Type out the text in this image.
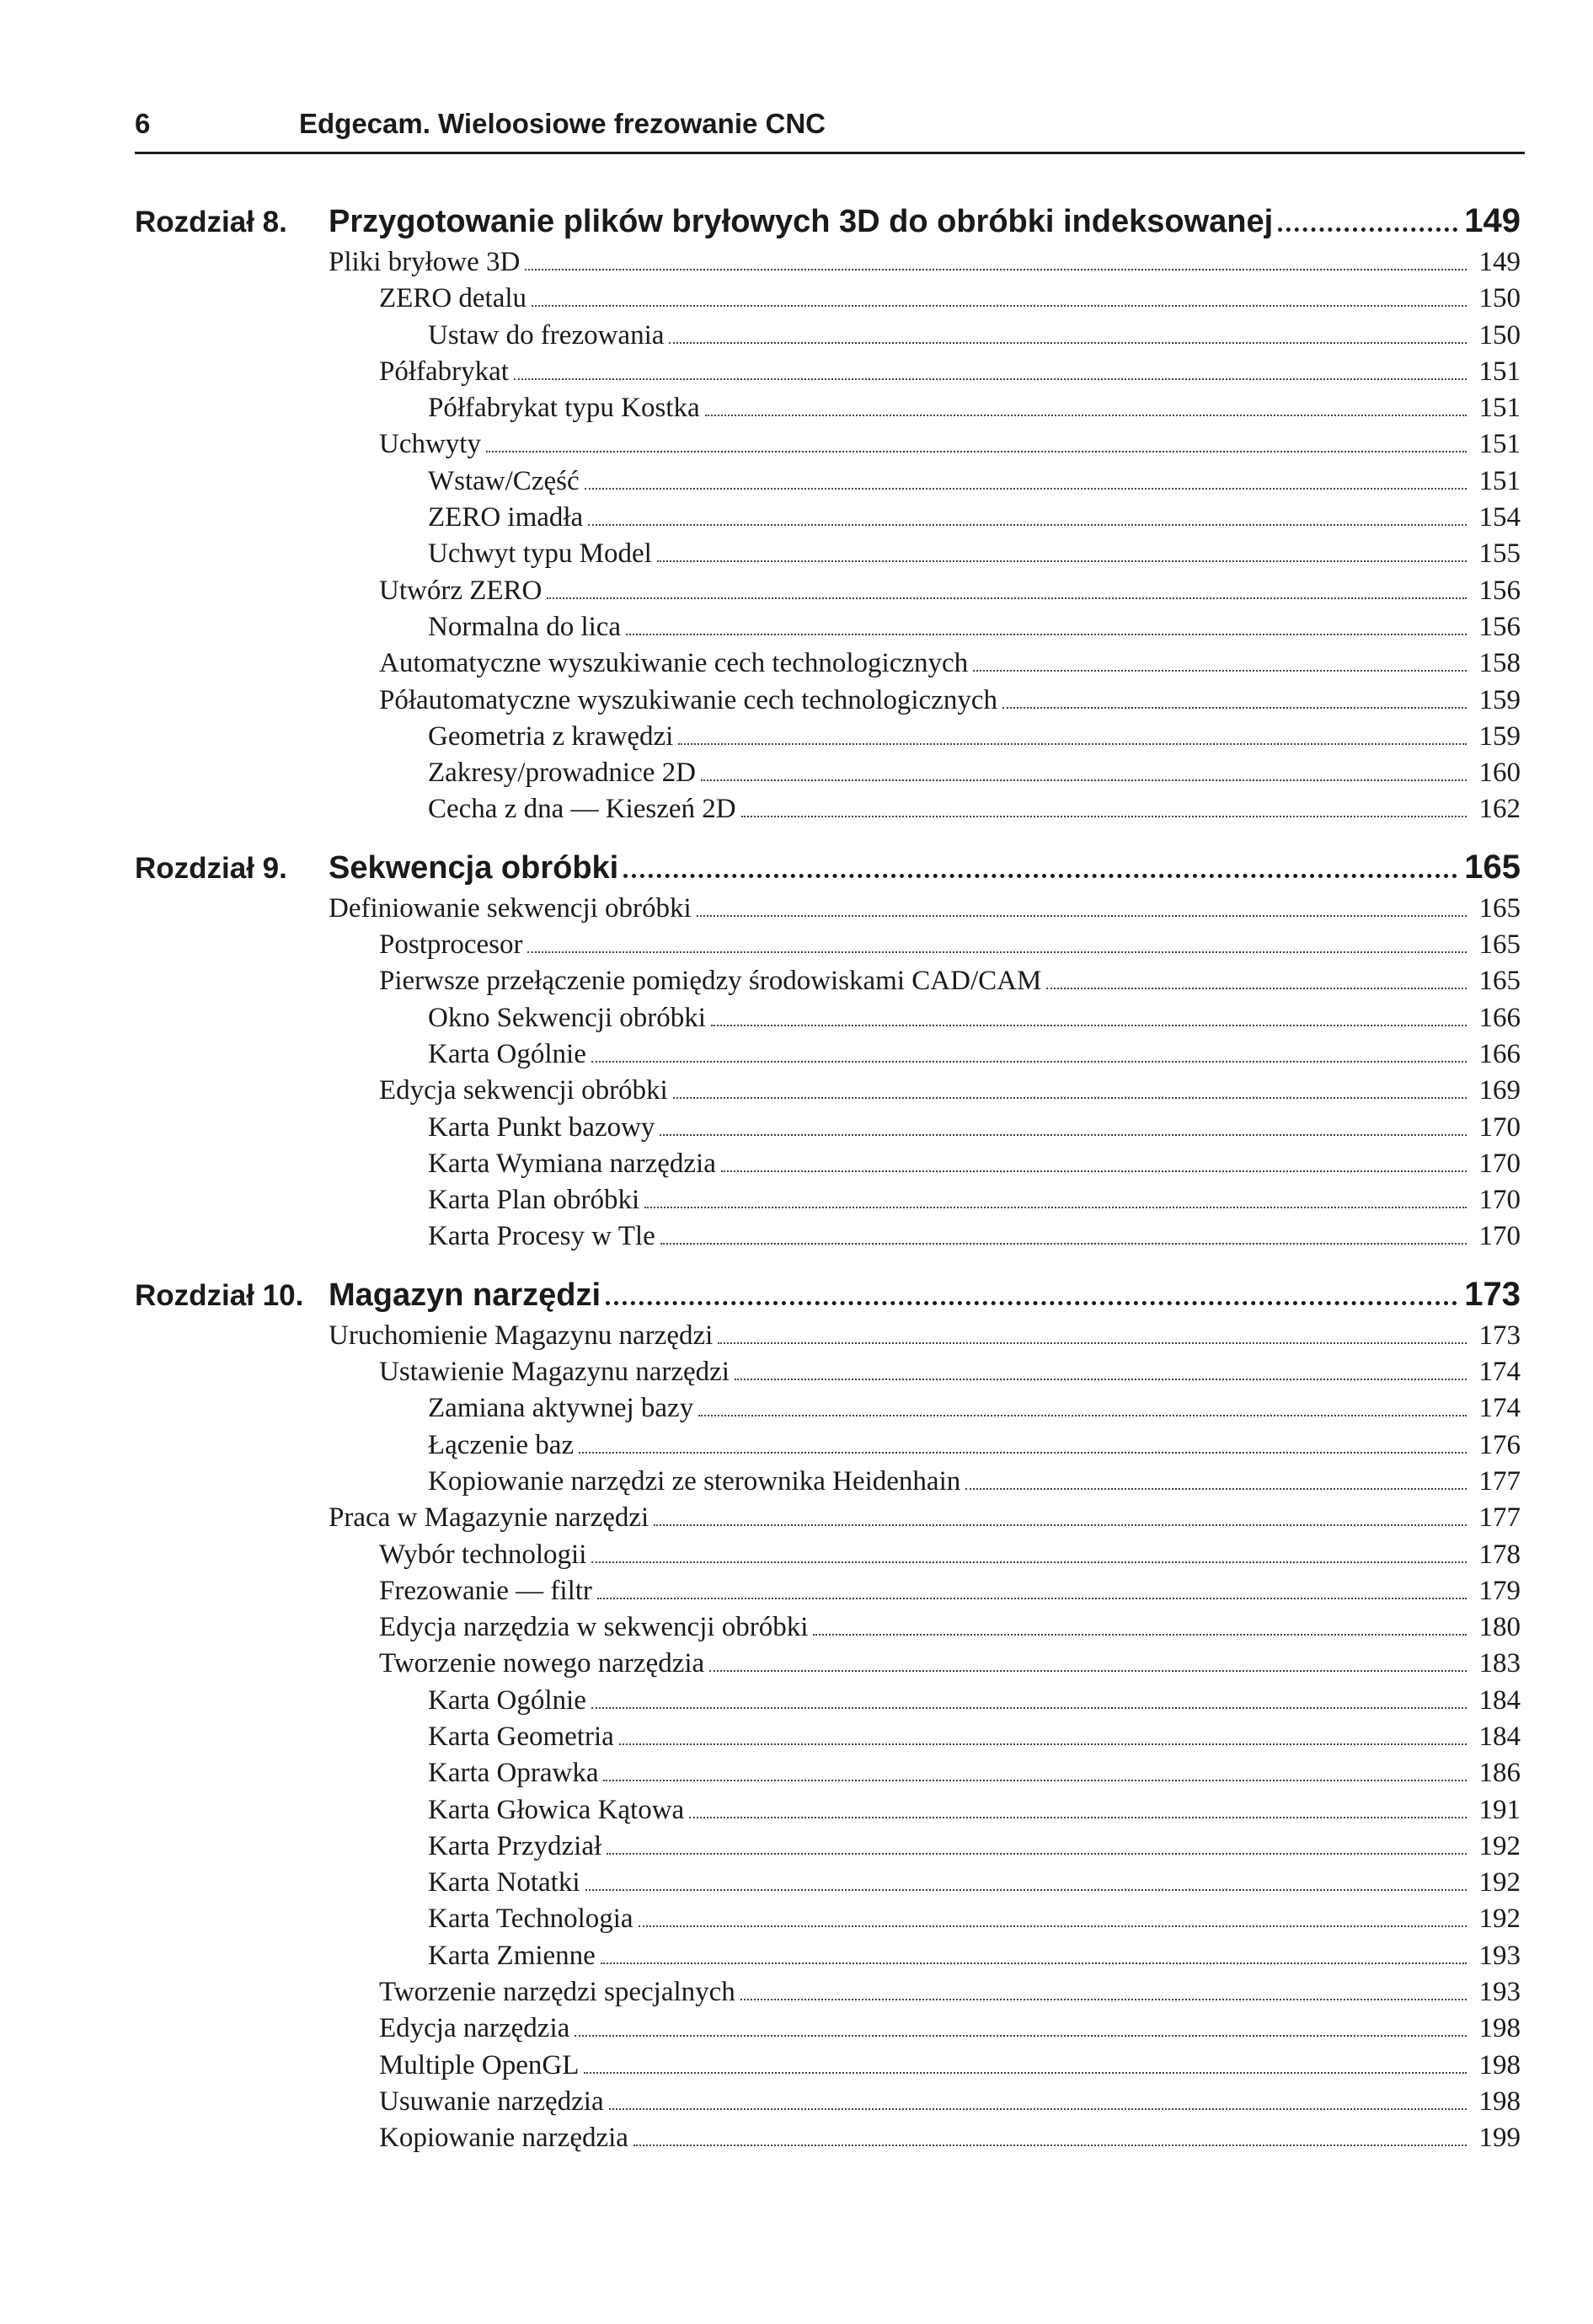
6	Edgecam. Wieloosiowe frezowanie CNC
Rozdział 8.	Przygotowanie plików bryłowych 3D do obróbki indeksowanej	149
Pliki bryłowe 3D	149
ZERO detalu	150
Ustaw do frezowania	150
Półfabrykat	151
Półfabrykat typu Kostka	151
Uchwyty	151
Wstaw/Część	151
ZERO imadła	154
Uchwyt typu Model	155
Utwórz ZERO	156
Normalna do lica	156
Automatyczne wyszukiwanie cech technologicznych	158
Półautomatyczne wyszukiwanie cech technologicznych	159
Geometria z krawędzi	159
Zakresy/prowadnice 2D	160
Cecha z dna — Kieszeń 2D	162
Rozdział 9.	Sekwencja obróbki	165
Definiowanie sekwencji obróbki	165
Postprocesor	165
Pierwsze przełączenie pomiędzy środowiskami CAD/CAM	165
Okno Sekwencji obróbki	166
Karta Ogólnie	166
Edycja sekwencji obróbki	169
Karta Punkt bazowy	170
Karta Wymiana narzędzia	170
Karta Plan obróbki	170
Karta Procesy w Tle	170
Rozdział 10. Magazyn narzędzi	173
Uruchomienie Magazynu narzędzi	173
Ustawienie Magazynu narzędzi	174
Zamiana aktywnej bazy	174
Łączenie baz	176
Kopiowanie narzędzi ze sterownika Heidenhain	177
Praca w Magazynie narzędzi	177
Wybór technologii	178
Frezowanie — filtr	179
Edycja narzędzia w sekwencji obróbki	180
Tworzenie nowego narzędzia	183
Karta Ogólnie	184
Karta Geometria	184
Karta Oprawka	186
Karta Głowica Kątowa	191
Karta Przydział	192
Karta Notatki	192
Karta Technologia	192
Karta Zmienne	193
Tworzenie narzędzi specjalnych	193
Edycja narzędzia	198
Multiple OpenGL	198
Usuwanie narzędzia	198
Kopiowanie narzędzia	199
